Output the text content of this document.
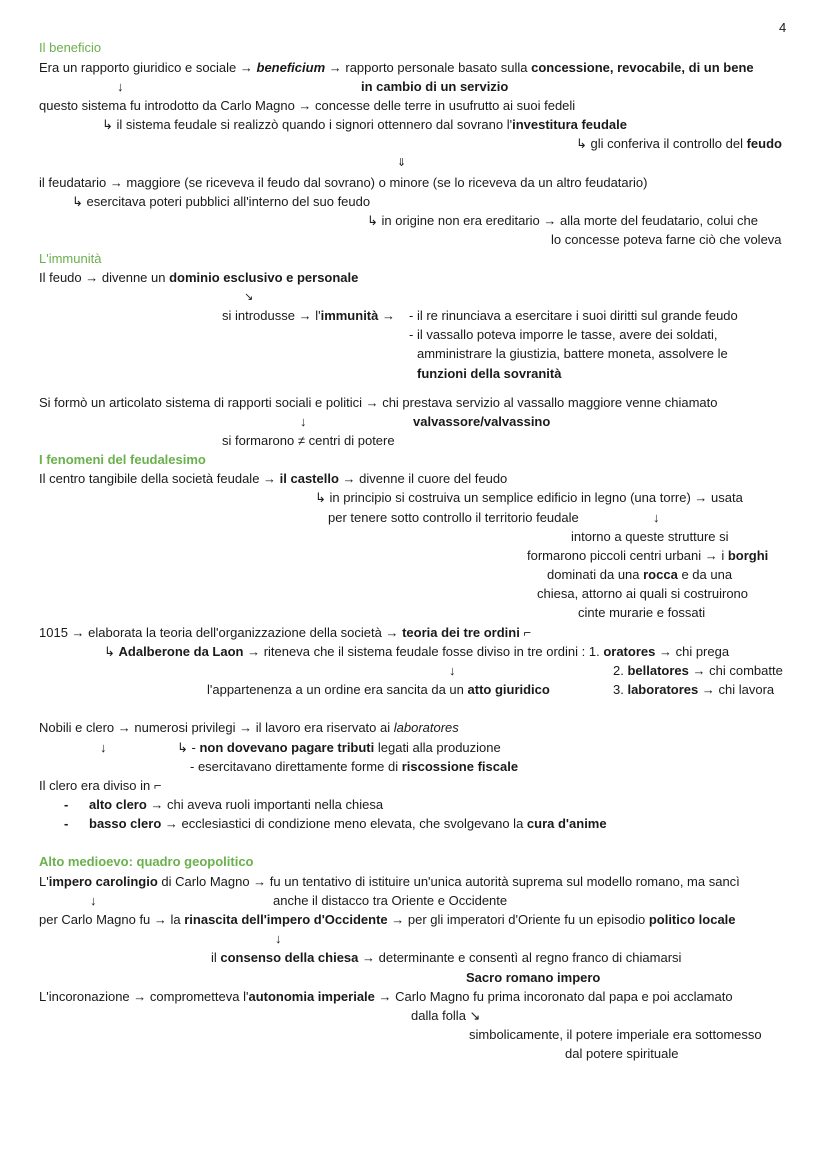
4
Il beneficio
Era un rapporto giuridico e sociale → beneficium → rapporto personale basato sulla concessione, revocabile, di un bene
↓	in cambio di un servizio
questo sistema fu introdotto da Carlo Magno → concesse delle terre in usufrutto ai suoi fedeli
↳ il sistema feudale si realizzò quando i signori ottennero dal sovrano l'investitura feudale
↳ gli conferiva il controllo del feudo
⇓
il feudatario → maggiore (se riceveva il feudo dal sovrano) o minore (se lo riceveva da un altro feudatario)
↳ esercitava poteri pubblici all'interno del suo feudo
↳ in origine non era ereditario → alla morte del feudatario, colui che
lo concesse poteva farne ciò che voleva
L'immunità
Il feudo → divenne un dominio esclusivo e personale
↘
si introdusse → l'immunità → - il re rinunciava a esercitare i suoi diritti sul grande feudo
- il vassallo poteva imporre le tasse, avere dei soldati,
amministrare la giustizia, battere moneta, assolvere le
funzioni della sovranità
Si formò un articolato sistema di rapporti sociali e politici → chi prestava servizio al vassallo maggiore venne chiamato
↓	valvassore/valvassino
si formarono ≠ centri di potere
I fenomeni del feudalesimo
Il centro tangibile della società feudale → il castello → divenne il cuore del feudo
↳ in principio si costruiva un semplice edificio in legno (una torre) → usata
per tenere sotto controllo il territorio feudale	↓
intorno a queste strutture si
formarono piccoli centri urbani → i borghi
dominati da una rocca e da una
chiesa, attorno ai quali si costruirono
cinte murarie e fossati
1015 → elaborata la teoria dell'organizzazione della società → teoria dei tre ordini ⌐
↳ Adalberone da Laon → riteneva che il sistema feudale fosse diviso in tre ordini : 1. oratores → chi prega
↓	2. bellatores → chi combatte
l'appartenenza a un ordine era sancita da un atto giuridico	3. laboratores → chi lavora
Nobili e clero → numerosi privilegi → il lavoro era riservato ai laboratores
↓	↳ - non dovevano pagare tributi legati alla produzione
- esercitavano direttamente forme di riscossione fiscale
Il clero era diviso in ⌐
- alto clero → chi aveva ruoli importanti nella chiesa
- basso clero → ecclesiastici di condizione meno elevata, che svolgevano la cura d'anime
Alto medioevo: quadro geopolitico
L'impero carolingio di Carlo Magno → fu un tentativo di istituire un'unica autorità suprema sul modello romano, ma sancì
↓	anche il distacco tra Oriente e Occidente
per Carlo Magno fu → la rinascita dell'impero d'Occidente → per gli imperatori d'Oriente fu un episodio politico locale
↓
il consenso della chiesa → determinante e consentì al regno franco di chiamarsi
Sacro romano impero
L'incoronazione → comprometteva l'autonomia imperiale → Carlo Magno fu prima incoronato dal papa e poi acclamato
dalla folla ↘
simbolicamente, il potere imperiale era sottomesso
dal potere spirituale
